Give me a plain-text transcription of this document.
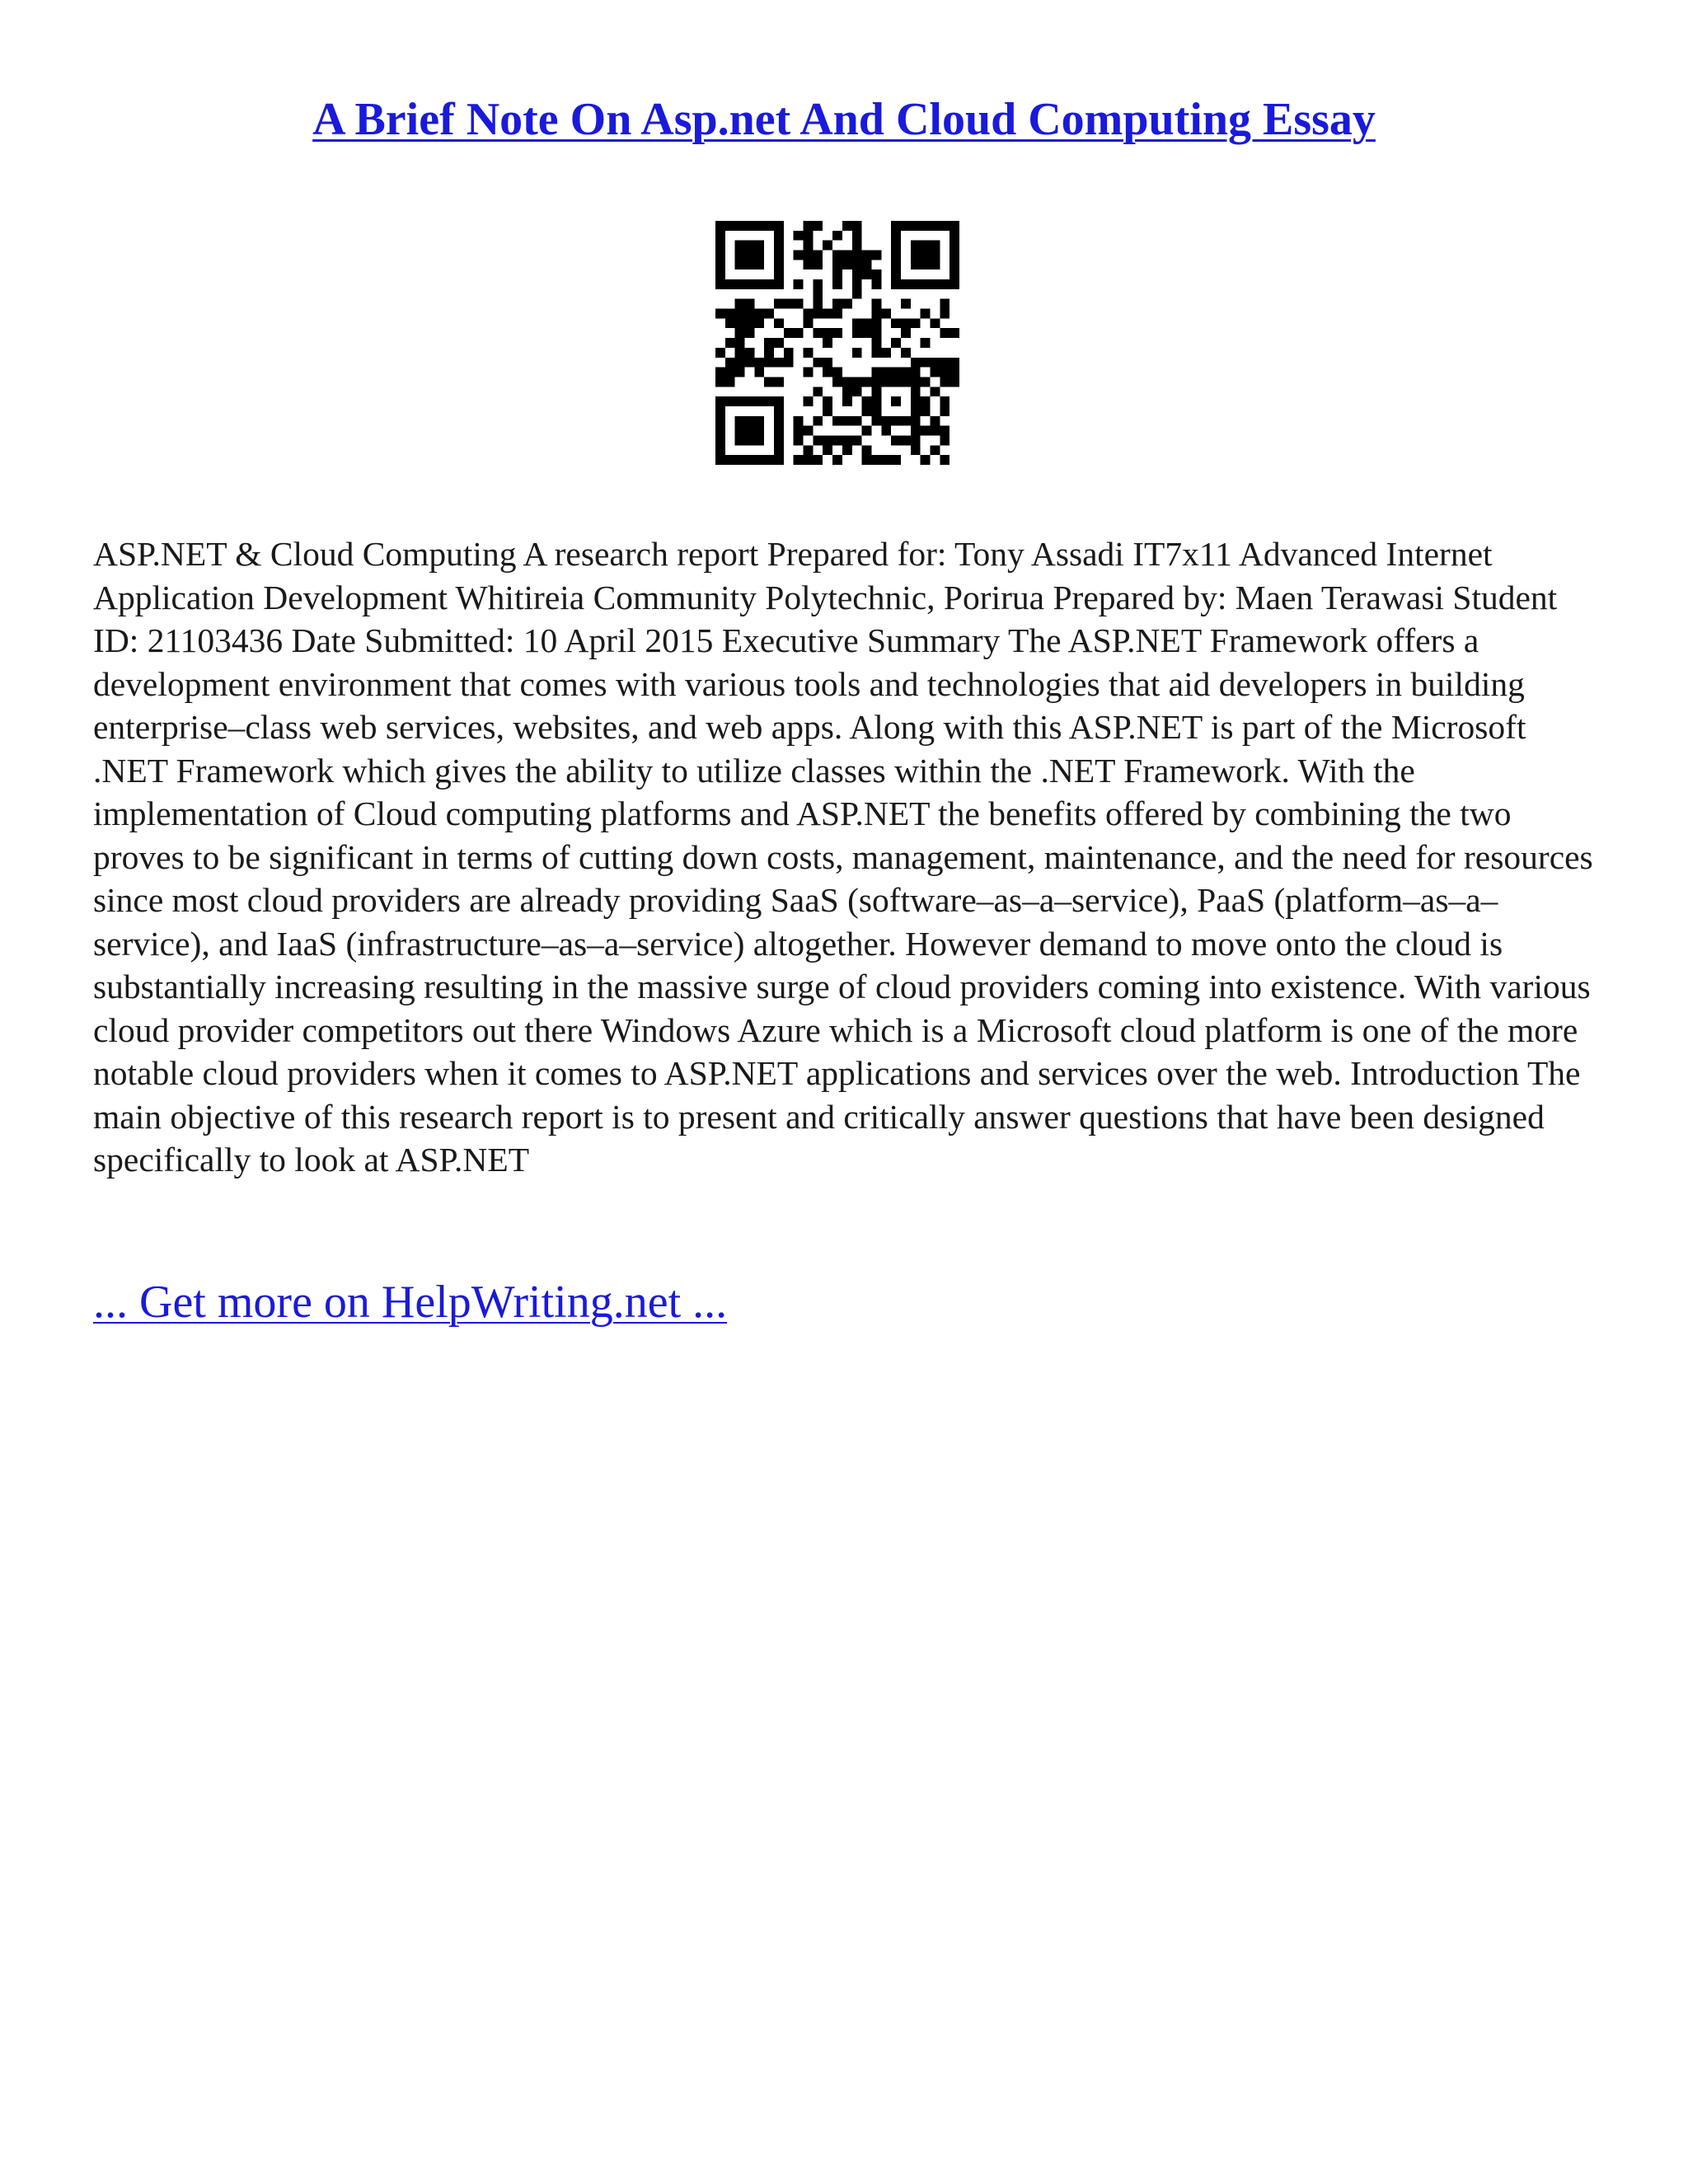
A Brief Note On Asp.net And Cloud Computing Essay

ASP.NET & Cloud Computing A research report Prepared for: Tony Assadi IT7x11 Advanced Internet Application Development Whitireia Community Polytechnic, Porirua Prepared by: Maen Terawasi Student ID: 21103436 Date Submitted: 10 April 2015 Executive Summary The ASP.NET Framework offers a development environment that comes with various tools and technologies that aid developers in building enterprise–class web services, websites, and web apps. Along with this ASP.NET is part of the Microsoft .NET Framework which gives the ability to utilize classes within the .NET Framework. With the implementation of Cloud computing platforms and ASP.NET the benefits offered by combining the two proves to be significant in terms of cutting down costs, management, maintenance, and the need for resources since most cloud providers are already providing SaaS (software–as–a–service), PaaS (platform–as–a–service), and IaaS (infrastructure–as–a–service) altogether. However demand to move onto the cloud is substantially increasing resulting in the massive surge of cloud providers coming into existence. With various cloud provider competitors out there Windows Azure which is a Microsoft cloud platform is one of the more notable cloud providers when it comes to ASP.NET applications and services over the web. Introduction The main objective of this research report is to present and critically answer questions that have been designed specifically to look at ASP.NET

... Get more on HelpWriting.net ...
